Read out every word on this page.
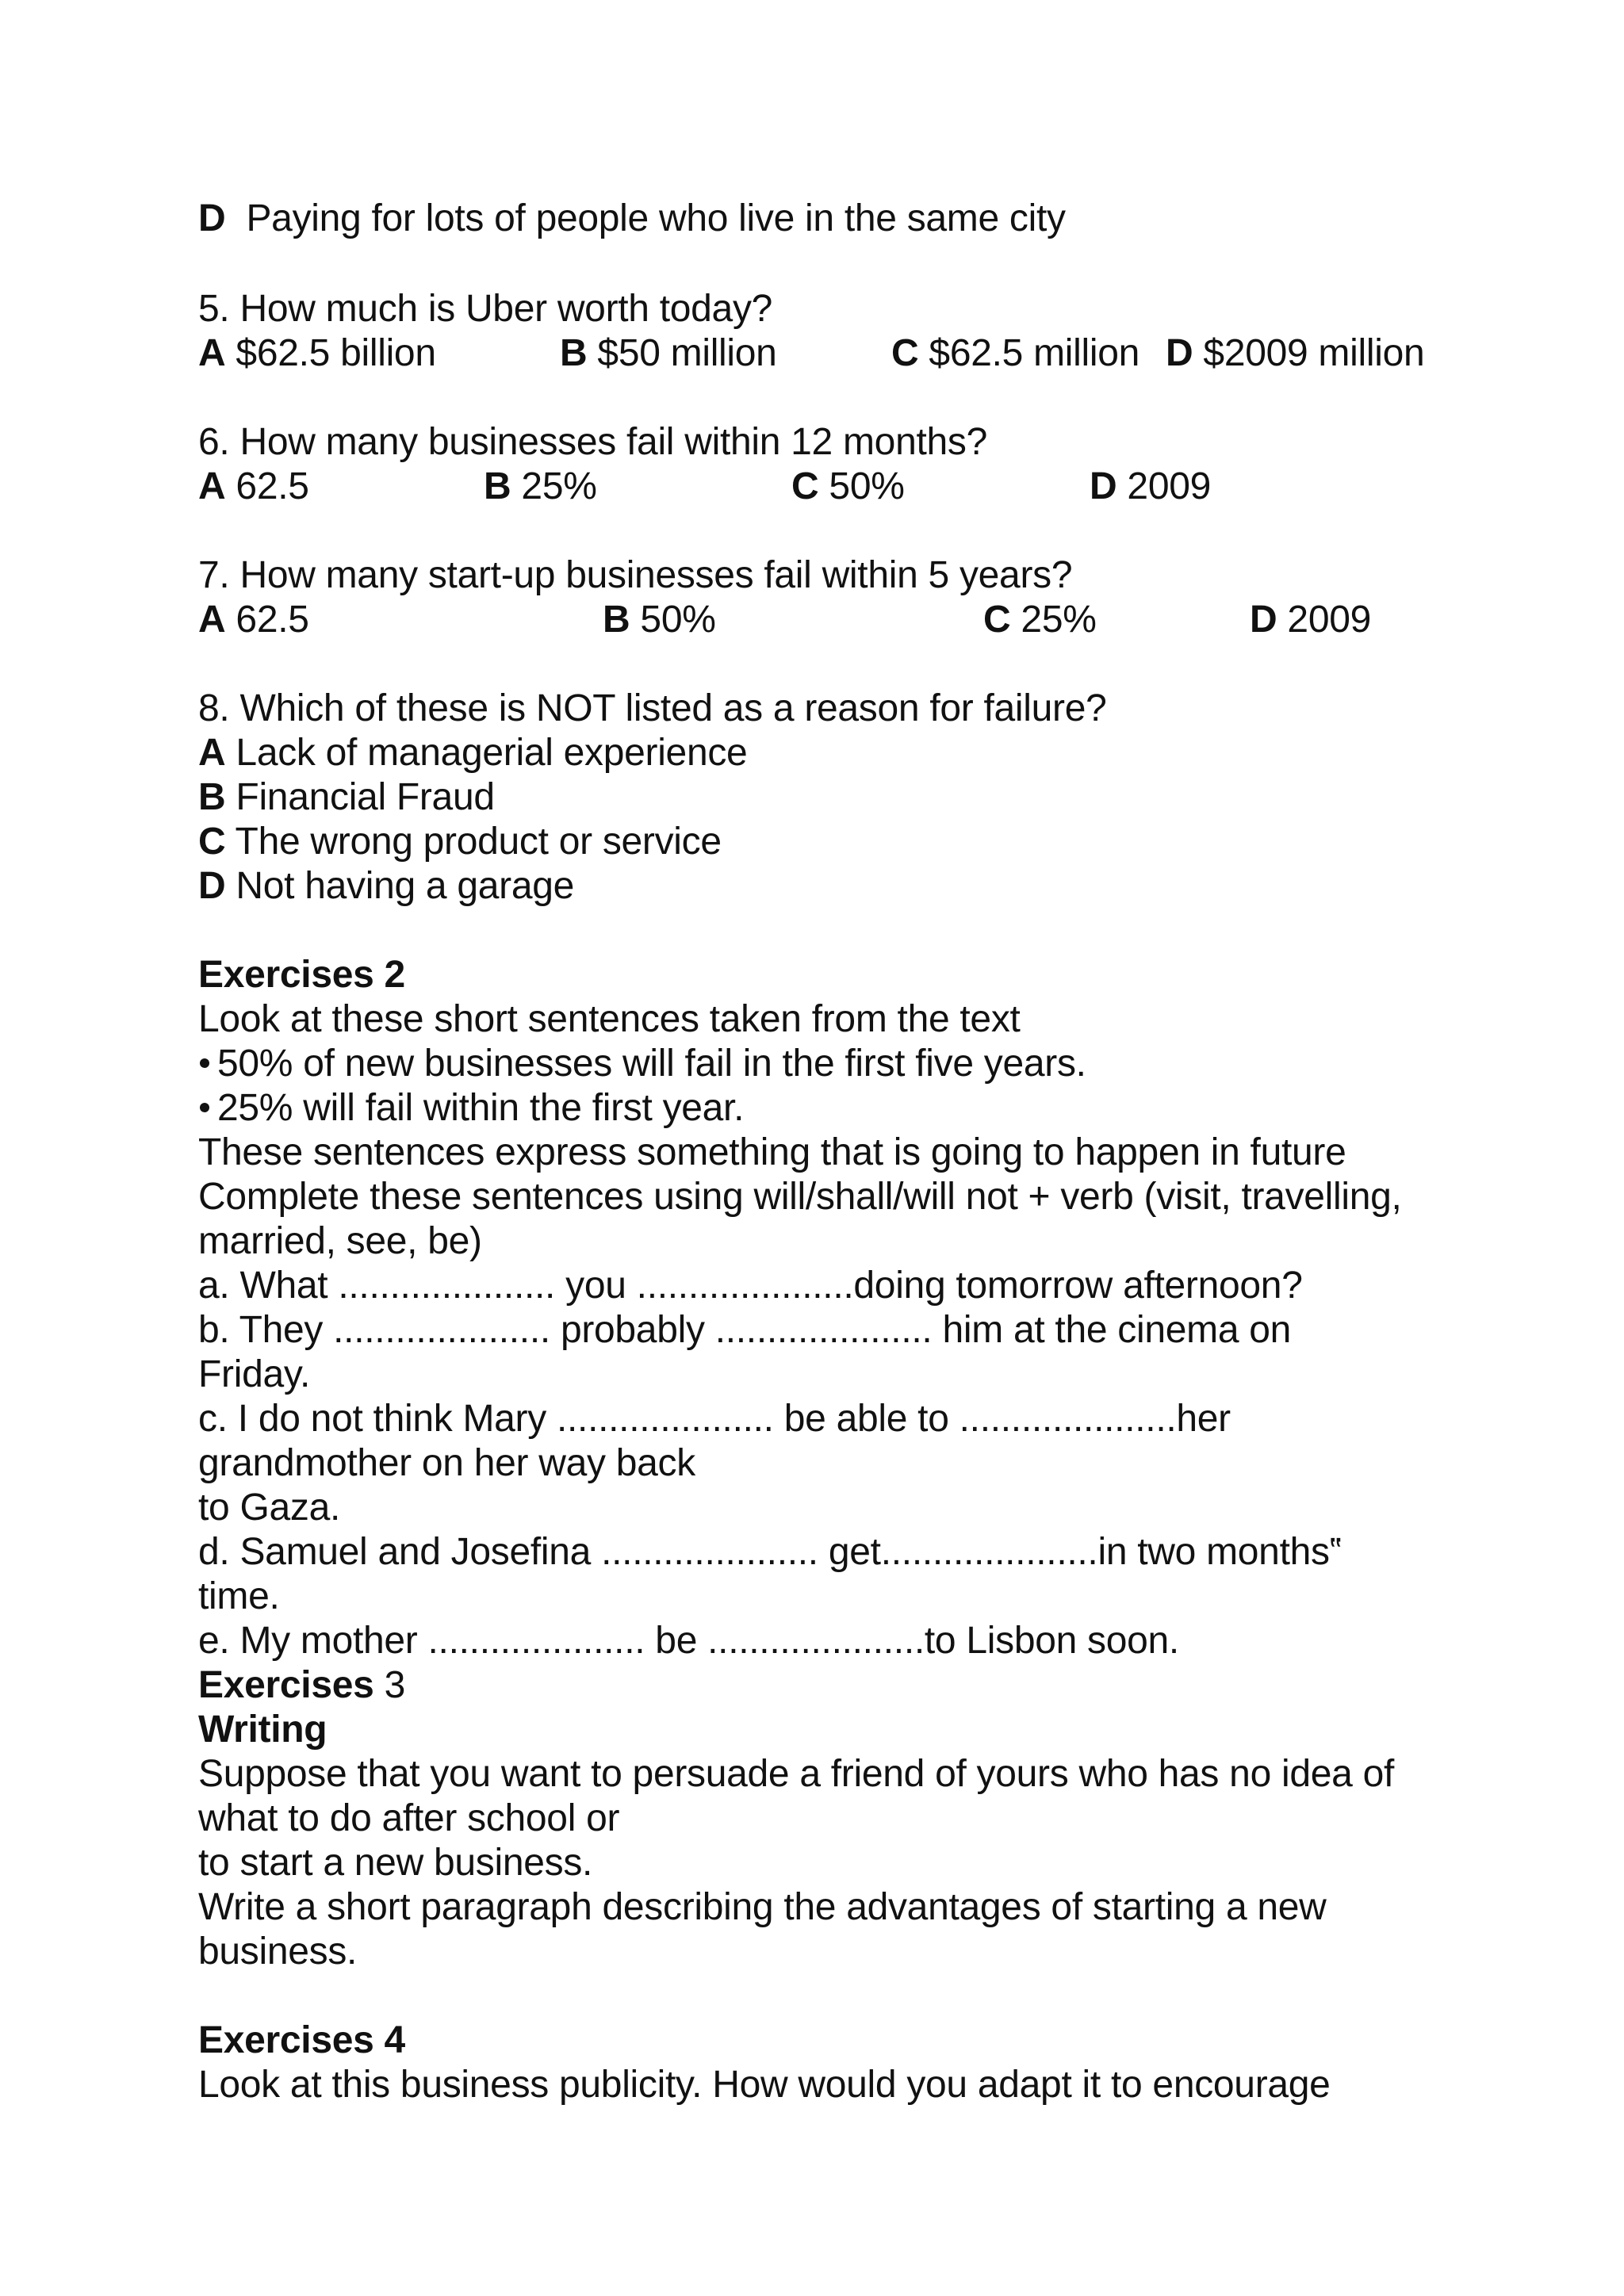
D Paying for lots of people who live in the same city
5. How much is Uber worth today?
A $62.5 billion	B $50 million	C $62.5 million D $2009 million
6. How many businesses fail within 12 months?
A 62.5	B 25%	C 50%	D 2009
7. How many start-up businesses fail within 5 years?
A 62.5	B 50%	C 25%	D 2009
8. Which of these is NOT listed as a reason for failure?
A Lack of managerial experience
B Financial Fraud
C The wrong product or service
D Not having a garage
Exercises 2
Look at these short sentences taken from the text
50% of new businesses will fail in the first five years.
25% will fail within the first year.
These sentences express something that is going to happen in future
Complete these sentences using will/shall/will not + verb (visit, travelling,
married, see, be)
a. What ..................... you .....................doing tomorrow afternoon?
b. They ..................... probably ..................... him at the cinema on
Friday.
c. I do not think Mary ..................... be able to .....................her
grandmother on her way back
to Gaza.
d. Samuel and Josefina ..................... get.....................in two months‟
time.
e. My mother ..................... be .....................to Lisbon soon.
Exercises 3
Writing
Suppose that you want to persuade a friend of yours who has no idea of
what to do after school or
to start a new business.
Write a short paragraph describing the advantages of starting a new
business.
Exercises 4
Look at this business publicity. How would you adapt it to encourage
